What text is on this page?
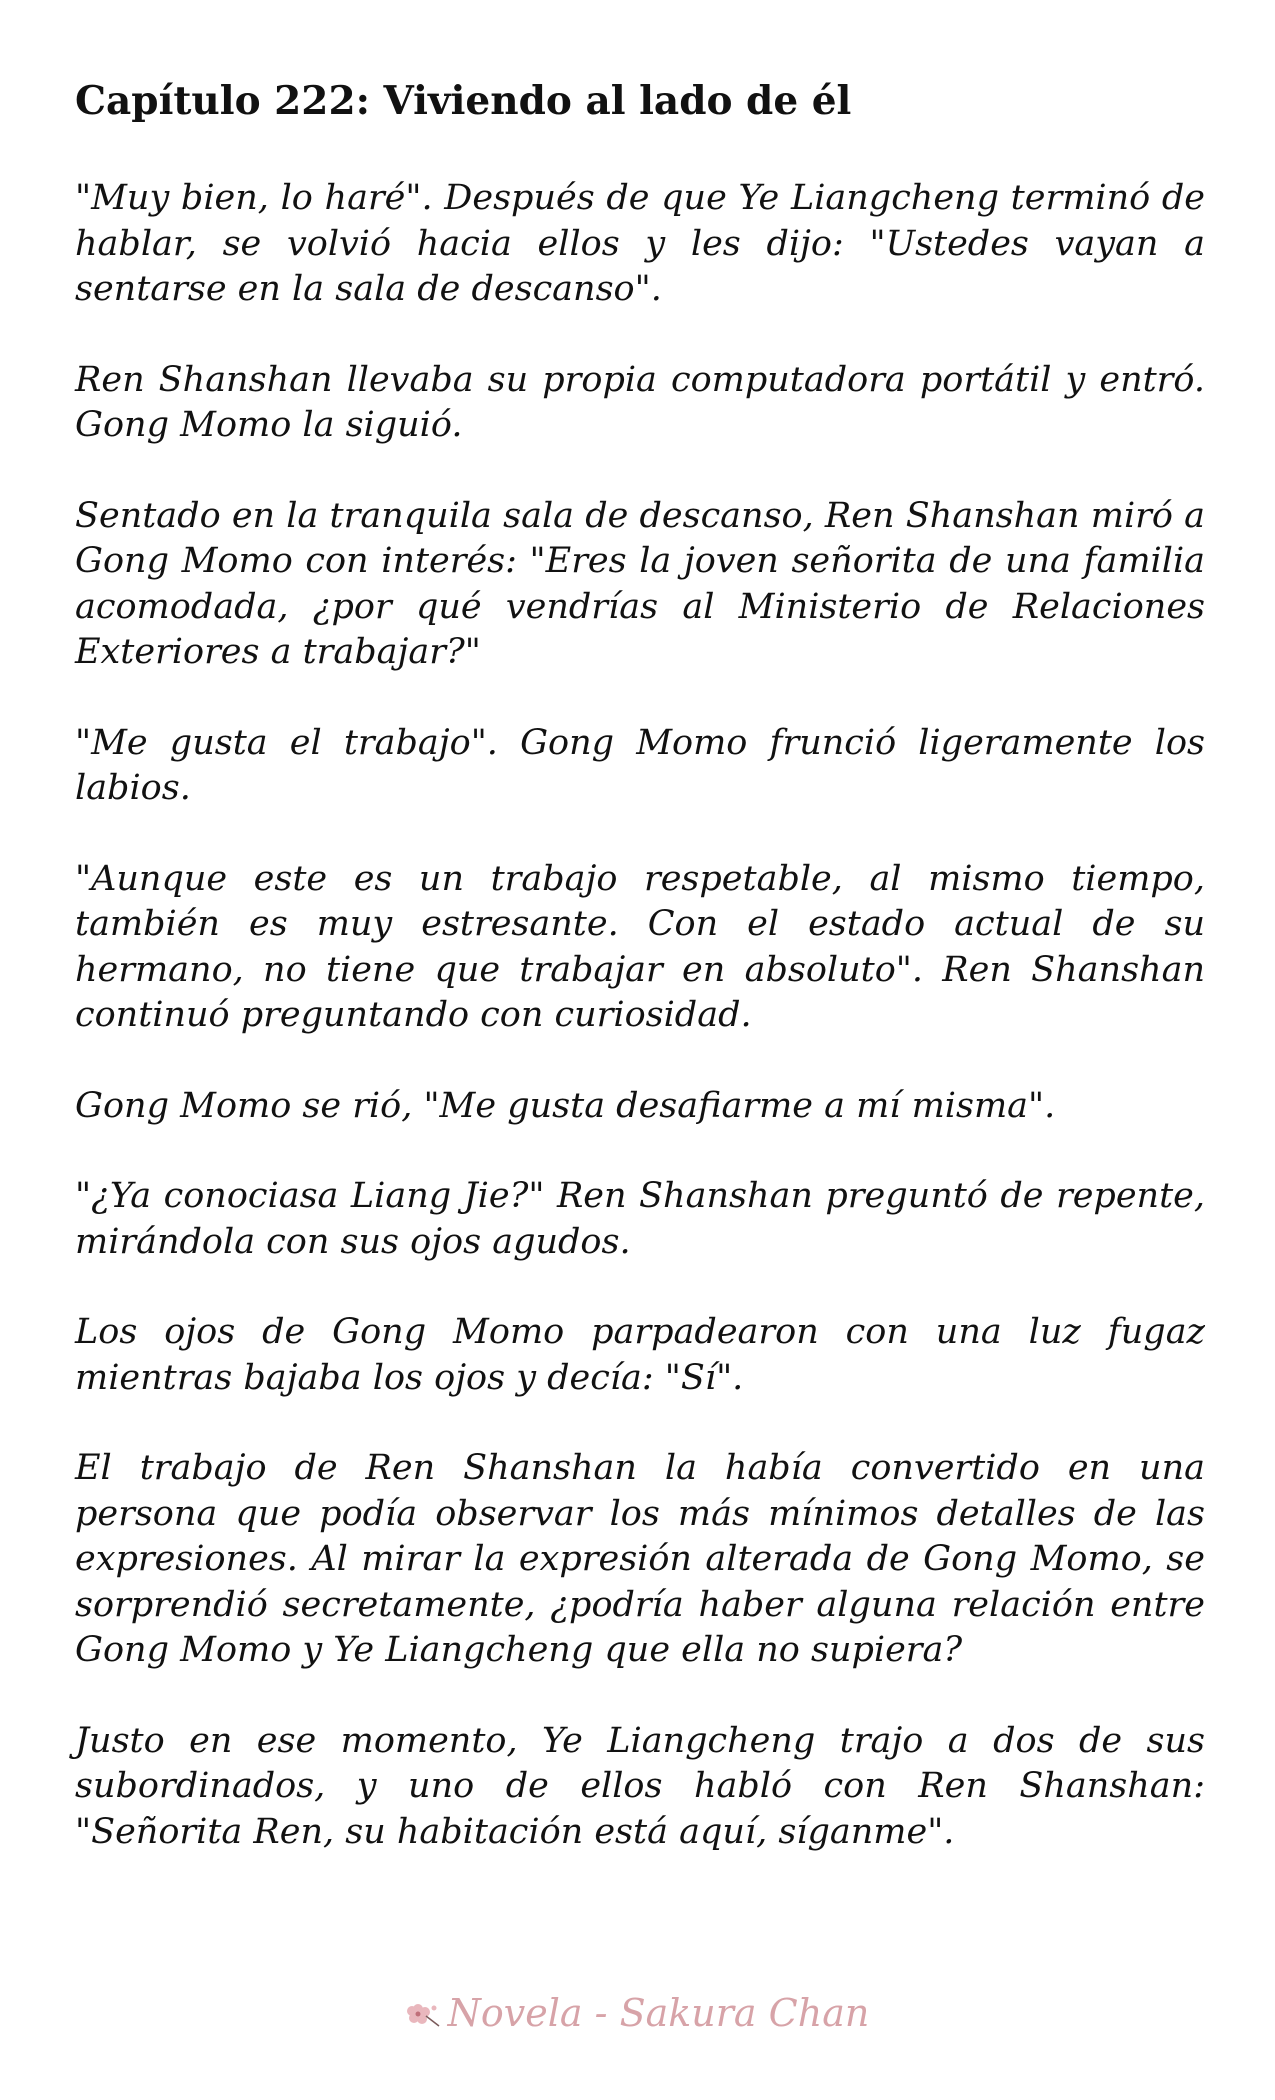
Capítulo 222: Viviendo al lado de él

"Muy bien, lo haré". Después de que Ye Liangcheng terminó de hablar, se volvió hacia ellos y les dijo: "Ustedes vayan a sentarse en la sala de descanso".

Ren Shanshan llevaba su propia computadora portátil y entró. Gong Momo la siguió.

Sentado en la tranquila sala de descanso, Ren Shanshan miró a Gong Momo con interés: "Eres la joven señorita de una familia acomodada, ¿por qué vendrías al Ministerio de Relaciones Exteriores a trabajar?"

"Me gusta el trabajo". Gong Momo frunció ligeramente los labios.

"Aunque este es un trabajo respetable, al mismo tiempo, también es muy estresante. Con el estado actual de su hermano, no tiene que trabajar en absoluto". Ren Shanshan continuó preguntando con curiosidad.

Gong Momo se rió, "Me gusta desafiarme a mí misma".

"¿Ya conociasa Liang Jie?" Ren Shanshan preguntó de repente, mirándola con sus ojos agudos.

Los ojos de Gong Momo parpadearon con una luz fugaz mientras bajaba los ojos y decía: "Sí".

El trabajo de Ren Shanshan la había convertido en una persona que podía observar los más mínimos detalles de las expresiones. Al mirar la expresión alterada de Gong Momo, se sorprendió secretamente, ¿podría haber alguna relación entre Gong Momo y Ye Liangcheng que ella no supiera?

Justo en ese momento, Ye Liangcheng trajo a dos de sus subordinados, y uno de ellos habló con Ren Shanshan: "Señorita Ren, su habitación está aquí, síganme".

Novela - Sakura Chan
